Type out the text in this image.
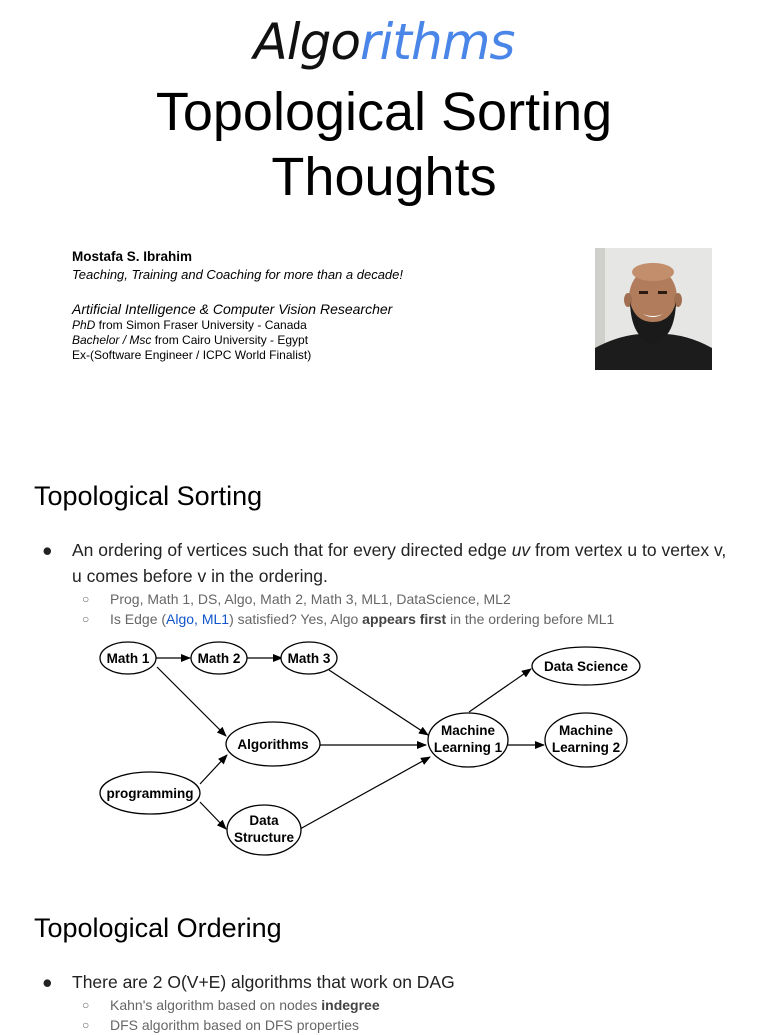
Algorithms
Topological Sorting
Thoughts
Mostafa S. Ibrahim
Teaching, Training and Coaching for more than a decade!
Artificial Intelligence & Computer Vision Researcher
PhD from Simon Fraser University - Canada
Bachelor / Msc from Cairo University - Egypt
Ex-(Software Engineer / ICPC World Finalist)
Topological Sorting
● An ordering of vertices such that for every directed edge uv from vertex u to vertex v, u comes before v in the ordering.
○ Prog, Math 1, DS, Algo, Math 2, Math 3, ML1, DataScience, ML2
○ Is Edge (Algo, ML1) satisfied? Yes, Algo appears first in the ordering before ML1
Math 1	Math 2	Math 3
Algorithms
programming
Data
Structure
Machine
Learning 1
Machine
Learning 2
Data Science
Topological Ordering
● There are 2 O(V+E) algorithms that work on DAG
○ Kahn's algorithm based on nodes indegree
○ DFS algorithm based on DFS properties
